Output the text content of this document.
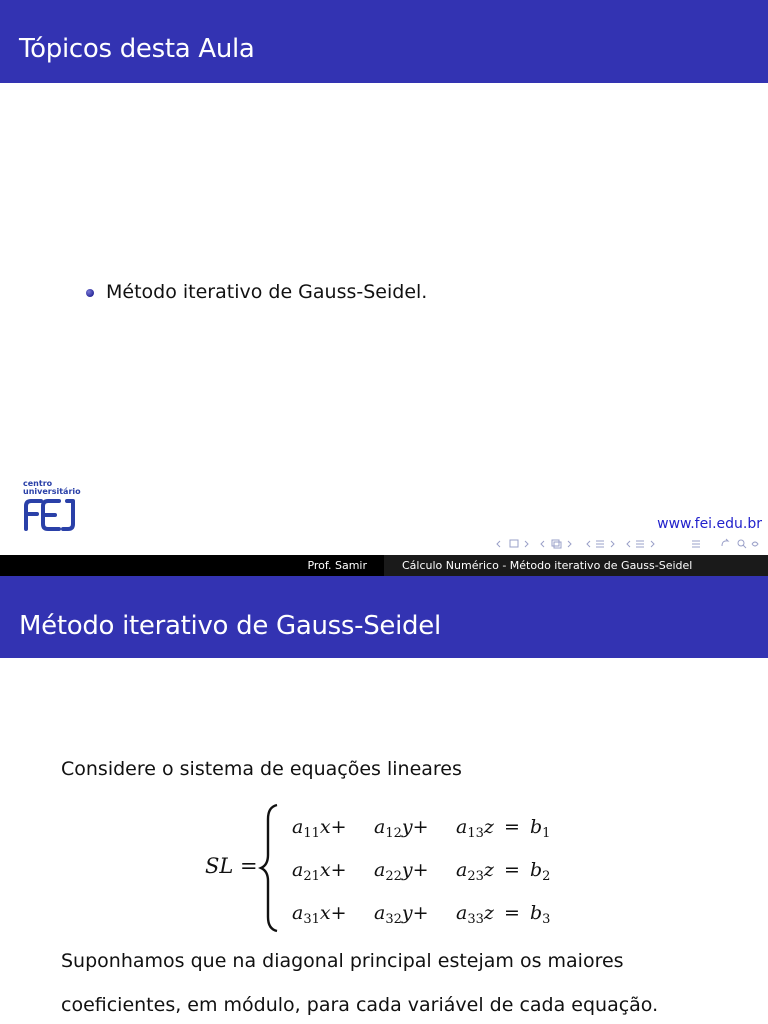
Tópicos desta Aula
Método iterativo de Gauss-Seidel.
centro
universitário
www.fei.edu.br
Prof. Samir	Cálculo Numérico - Método iterativo de Gauss-Seidel
Método iterativo de Gauss-Seidel
Considere o sistema de equações lineares
SL =
$a_{11}x+ a_{12}y+ a_{13}z = b_1$
$a_{21}x+ a_{22}y+ a_{23}z = b_2$
$a_{31}x+ a_{32}y+ a_{33}z = b_3$
Suponhamos que na diagonal principal estejam os maiores
coeficientes, em módulo, para cada variável de cada equação.
